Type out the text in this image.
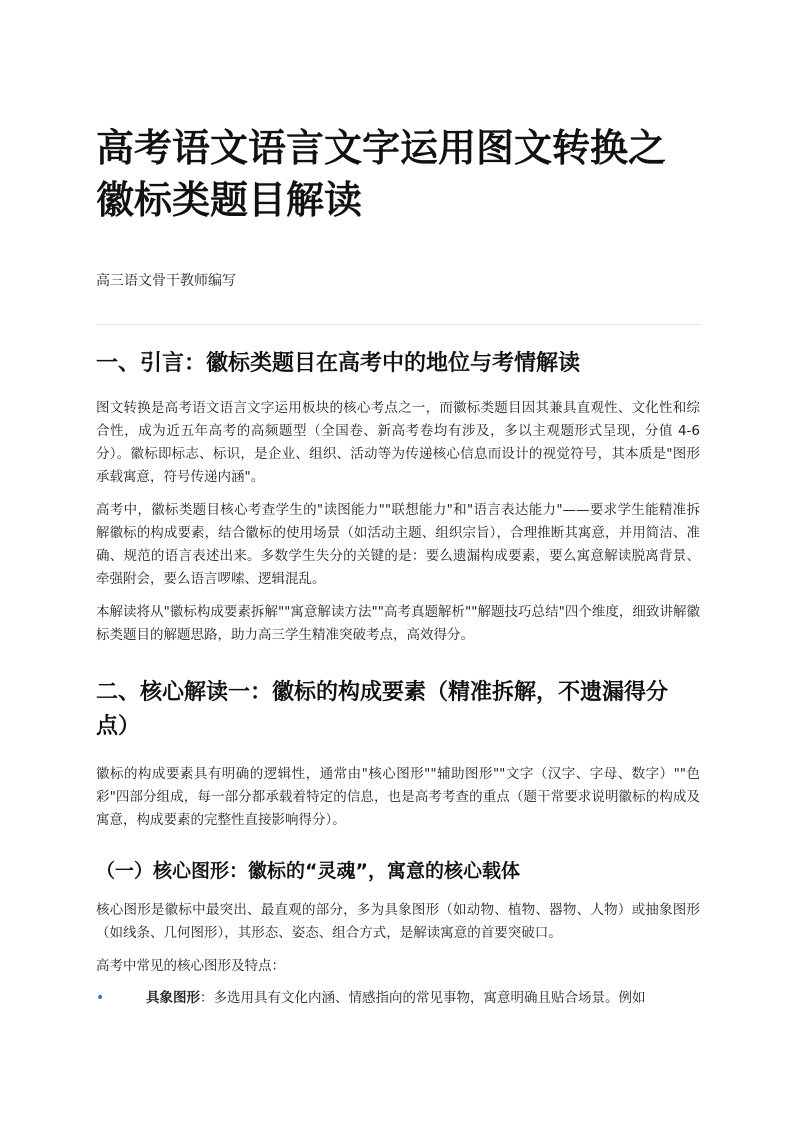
高考语文语言文字运用图文转换之徽标类题目解读
高三语文骨干教师编写
一、引言：徽标类题目在高考中的地位与考情解读

图文转换是高考语文语言文字运用板块的核心考点之一，而徽标类题目因其兼具直观性、文化性和综合性，成为近五年高考的高频题型（全国卷、新高考卷均有涉及，多以主观题形式呈现，分值 4-6 分）。徽标即标志、标识，是企业、组织、活动等为传递核心信息而设计的视觉符号，其本质是"图形承载寓意，符号传递内涵"。

高考中，徽标类题目核心考查学生的"读图能力""联想能力"和"语言表达能力"——要求学生能精准拆解徽标的构成要素，结合徽标的使用场景（如活动主题、组织宗旨），合理推断其寓意，并用简洁、准确、规范的语言表述出来。多数学生失分的关键的是：要么遗漏构成要素，要么寓意解读脱离背景、牵强附会，要么语言啰嗦、逻辑混乱。

本解读将从"徽标构成要素拆解""寓意解读方法""高考真题解析""解题技巧总结"四个维度，细致讲解徽标类题目的解题思路，助力高三学生精准突破考点，高效得分。

二、核心解读一：徽标的构成要素（精准拆解，不遗漏得分点）

徽标的构成要素具有明确的逻辑性，通常由"核心图形""辅助图形""文字（汉字、字母、数字）""色彩"四部分组成，每一部分都承载着特定的信息，也是高考考查的重点（题干常要求说明徽标的构成及寓意，构成要素的完整性直接影响得分）。

（一）核心图形：徽标的“灵魂”，寓意的核心载体

核心图形是徽标中最突出、最直观的部分，多为具象图形（如动物、植物、器物、人物）或抽象图形（如线条、几何图形），其形态、姿态、组合方式，是解读寓意的首要突破口。

高考中常见的核心图形及特点：

•	具象图形：多选用具有文化内涵、情感指向的常见事物，寓意明确且贴合场景。例如
